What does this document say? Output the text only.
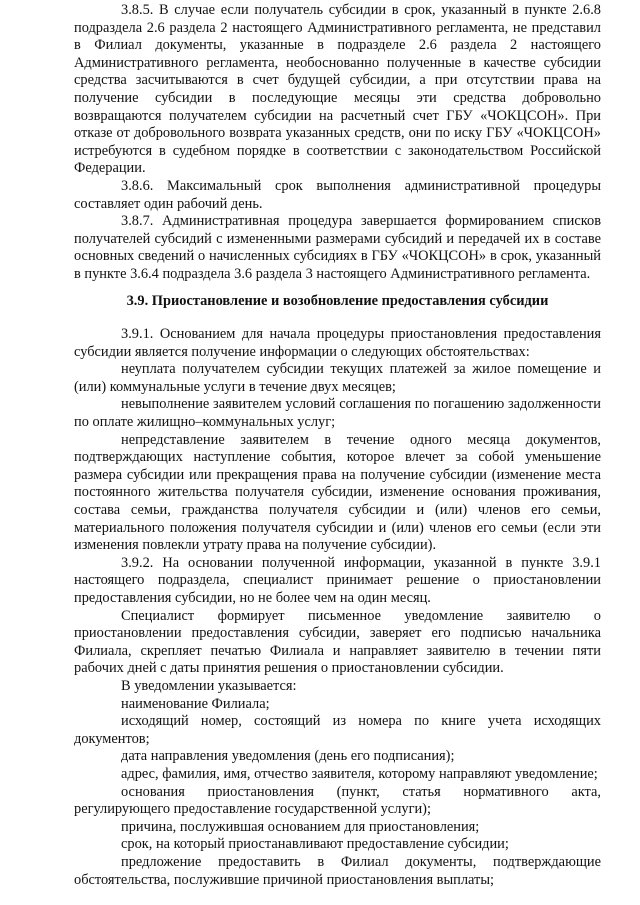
3.8.5. В случае если получатель субсидии в срок, указанный в пункте 2.6.8 подраздела 2.6 раздела 2 настоящего Административного регламента, не представил в Филиал документы, указанные в подразделе 2.6 раздела 2 настоящего Административного регламента, необоснованно полученные в качестве субсидии средства засчитываются в счет будущей субсидии, а при отсутствии права на получение субсидии в последующие месяцы эти средства добровольно возвращаются получателем субсидии на расчетный счет ГБУ «ЧОКЦСОН». При отказе от добровольного возврата указанных средств, они по иску ГБУ «ЧОКЦСОН» истребуются в судебном порядке в соответствии с законодательством Российской Федерации.

3.8.6. Максимальный срок выполнения административной процедуры составляет один рабочий день.

3.8.7. Административная процедура завершается формированием списков получателей субсидий с измененными размерами субсидий и передачей их в составе основных сведений о начисленных субсидиях в ГБУ «ЧОКЦСОН» в срок, указанный в пункте 3.6.4 подраздела 3.6 раздела 3 настоящего Административного регламента.

3.9. Приостановление и возобновление предоставления субсидии

3.9.1. Основанием для начала процедуры приостановления предоставления субсидии является получение информации о следующих обстоятельствах:

неуплата получателем субсидии текущих платежей за жилое помещение и (или) коммунальные услуги в течение двух месяцев;

невыполнение заявителем условий соглашения по погашению задолженности по оплате жилищно–коммунальных услуг;

непредставление заявителем в течение одного месяца документов, подтверждающих наступление события, которое влечет за собой уменьшение размера субсидии или прекращения права на получение субсидии (изменение места постоянного жительства получателя субсидии, изменение основания проживания, состава семьи, гражданства получателя субсидии и (или) членов его семьи, материального положения получателя субсидии и (или) членов его семьи (если эти изменения повлекли утрату права на получение субсидии).

3.9.2. На основании полученной информации, указанной в пункте 3.9.1 настоящего подраздела, специалист принимает решение о приостановлении предоставления субсидии, но не более чем на один месяц.

Специалист формирует письменное уведомление заявителю о приостановлении предоставления субсидии, заверяет его подписью начальника Филиала, скрепляет печатью Филиала и направляет заявителю в течении пяти рабочих дней с даты принятия решения о приостановлении субсидии.

В уведомлении указывается:

наименование Филиала;

исходящий номер, состоящий из номера по книге учета исходящих документов;

дата направления уведомления (день его подписания);

адрес, фамилия, имя, отчество заявителя, которому направляют уведомление;

основания приостановления (пункт, статья нормативного акта, регулирующего предоставление государственной услуги);

причина, послужившая основанием для приостановления;

срок, на который приостанавливают предоставление субсидии;

предложение предоставить в Филиал документы, подтверждающие обстоятельства, послужившие причиной приостановления выплаты;
